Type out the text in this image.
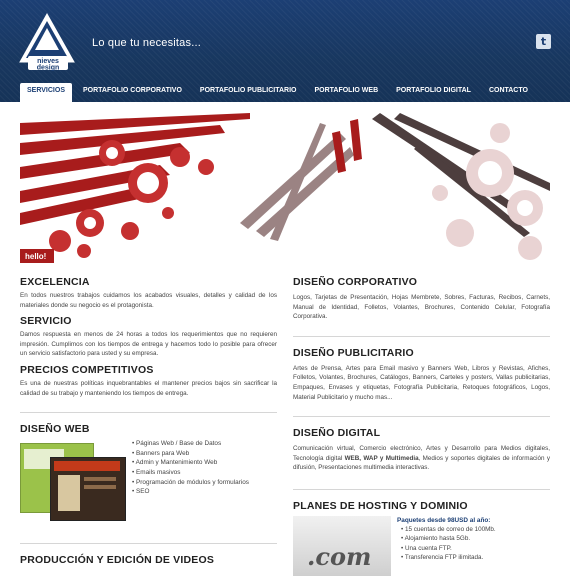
nieves
design
Lo que tu necesitas...	t
SERVICIOS	PORTAFOLIO CORPORATIVO	PORTAFOLIO PUBLICITARIO	PORTAFOLIO WEB	PORTAFOLIO DIGITAL	CONTACTO
hello!
EXCELENCIA

En todos nuestros trabajos cuidamos los acabados visuales, detalles y calidad de los materiales donde su negocio es el protagonista.

SERVICIO

Damos respuesta en menos de 24 horas a todos los requerimientos que no requieren impresión. Cumplimos con los tiempos de entrega y hacemos todo lo posible para ofrecer un servicio satisfactorio para usted y su empresa.

PRECIOS COMPETITIVOS

Es una de nuestras políticas inquebrantables el mantener precios bajos sin sacrificar la calidad de su trabajo y manteniendo los tiempos de entrega.

DISEÑO WEB
• Páginas Web / Base de Datos
• Banners para Web
• Admin y Mantenimiento Web
• Emails masivos
• Programación de módulos y formularios
• SEO
PRODUCCIÓN Y EDICIÓN DE VIDEOS
DISEÑO CORPORATIVO

Logos, Tarjetas de Presentación, Hojas Membrete, Sobres, Facturas, Recibos, Carnets, Manual de Identidad, Folletos, Volantes, Brochures, Contenido Celular, Fotografía Corporativa.

DISEÑO PUBLICITARIO

Artes de Prensa, Artes para Email masivo y Banners Web, Libros y Revistas, Afiches, Folletos, Volantes, Brochures, Catálogos, Banners, Carteles y posters, Vallas publicitarias, Empaques, Envases y etiquetas, Fotografía Publicitaria, Retoques fotográficos, Logos, Material Publicitario y mucho mas...

DISEÑO DIGITAL

Comunicación virtual, Comercio electrónico, Artes y Desarrollo para Medios digitales, Tecnología digital WEB, WAP y Multimedia, Medios y soportes digitales de información y difusión, Presentaciones multimedia interactivas.

PLANES DE HOSTING Y DOMINIO
.com
Paquetes desde 98USD al año:
• 15 cuentas de correo de 100Mb.
• Alojamiento hasta 5Gb.
• Una cuenta FTP.
• Transferencia FTP ilimitada.
